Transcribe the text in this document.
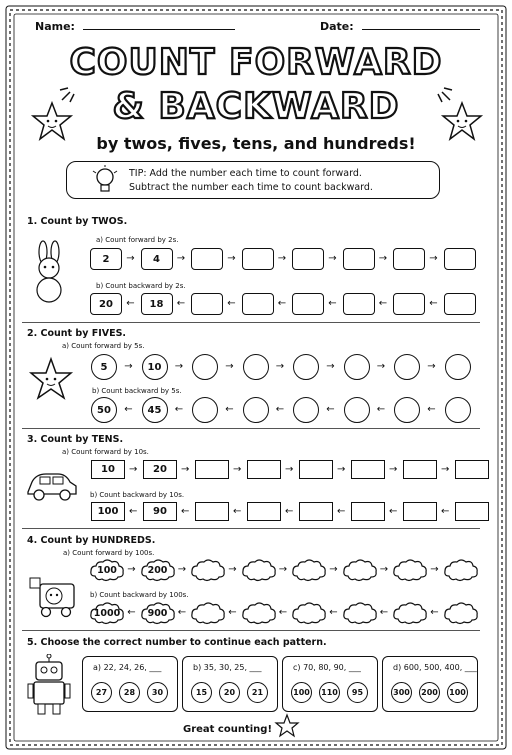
Name:	Date:
COUNT FORWARD
& BACKWARD
by twos, fives, tens, and hundreds!
TIP: Add the number each time to count forward.
Subtract the number each time to count backward.
1. Count by TWOS.
a) Count forward by 2s.
b) Count backward by 2s.
2	→	4	→	→	→	→	→	→
20	←	18	←	←	←	←	←	←
2. Count by FIVES.
a) Count forward by 5s.
b) Count backward by 5s.
5	→	10	→	→	→	→	→	→
50	←	45	←	←	←	←	←	←
3. Count by TENS.
a) Count forward by 10s.
b) Count backward by 10s.
10	→	20	→	→	→	→	→	→
100	←	90	←	←	←	←	←	←
4. Count by HUNDREDS.
a) Count forward by 100s.
b) Count backward by 100s.
100 → 200 →	→	→	→	→	→
1000 ← 900 ←	←	←	←	←	←
5. Choose the correct number to continue each pattern.
a) 22, 24, 26, ___
27	28	30
b) 35, 30, 25, ___
15	20	21
c) 70, 80, 90, ___
100 110	95
d) 600, 500, 400, ___
300 200 100
Great counting!
